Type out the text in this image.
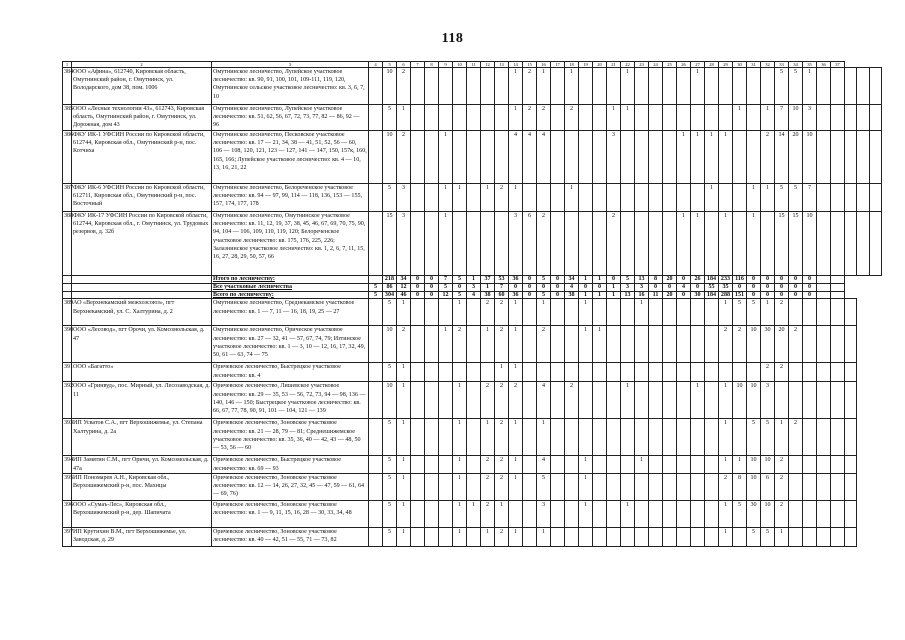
118
1	2	3	4	5	6	7	8	9	10	11	12	13	14	15	16	17	18	19	20	21	22	23	24	25	26	27	28	29	30	31	32	33	34	35	36	37			
384	ООО «Афина», 612740, Кировская область, Омутнинский район, г. Омутнинск, ул. Володарского, дом 38, пом. 1006	Омутнинское лесничество, Лупейское участковое лесничество: кв. 90, 91, 100, 101, 109-111, 119, 120, Омутнинское сельское участковое лесничество: кв. 3, 6, 7, 10		10	2								1	2	1		1				1					1						5	5	1					
385	ООО «Лесные технологии 43», 612743, Кировская область, Омутнинский район, г. Омутнинск, ул. Дорожная, дом 43	Омутнинское лесничество, Лупейское участковое лесничество: кв. 51, 62, 56, 67, 72, 73, 77, 82 — 86, 92 — 96		5	1								1	2	2		2			1	1								1		1	7	10	3					
386	ФКУ ИК-1 УФСИН России по Кировской области, 612744, Кировская обл., Омутнинский р-н, пос. Котчиха	Омутнинское лесничество, Песковское участковое лесничество: кв. 17 — 21, 34, 38 — 41, 51, 52, 56 — 60, 106 — 108, 120, 121, 123 — 127, 141 — 147, 150, 157к, 160, 165, 166; Лупейское участковое лесничество: кв. 4 — 10, 13, 16, 21, 22		10	2			1					4	4	4					3					1	1	1	1			2	14	20	10					
387	ФКУ ИК-6 УФСИН России по Кировской области, 612711, Кировская обл., Омутнинский р-н, пос. Восточный	Омутнинское лесничество, Белореченское участковое лесничество: кв. 94 — 97, 99, 114 — 118, 136, 153 — 155, 157, 174, 177, 178		5	3			1	1		1	2	1				1										1			1	1	5	5	7					
388	ФКУ ИК-17 УФСИН России по Кировской области, 612744, Кировская обл., г. Омутнинск, ул. Трудовых резервов, д. 32б	Омутнинское лесничество, Омутнинское участковое лесничество: кв. 11, 12, 19, 37, 38, 45, 46, 67, 69, 70, 75, 90, 94, 104 — 106, 109, 110, 119, 120; Белореченское участковое лесничество: кв. 175, 176, 225, 226; Залазнинское участковое лесничество: кв. 1, 2, 6, 7, 11, 15, 16, 27, 28, 29, 50, 57, 66		15	3			1					3	6	2					2					1	1		1		1		15	15	10					
		Итого по лесничеству:		218	34	0	0	7	5	1	37	53	36	0	5	0	34	1	1	0	5	13	8	20	0	26	184	233	116	0	0	0	0	0					
		Все участковые лесничества	5	86	12	0	0	5	0	3	1	7	0	0	0	0	4	0	0	1	3	3	0	0	4	0	55	35	0	0	0	0	0	0					
		Всего по лесничеству:	5	304	46	0	0	12	5	4	38	60	36	0	5	0	38	1	1	1	13	16	11	20	0	30	184	288	151	0	0	0	0	0					
389	АО «Верхнекамский межхозсоюз», пгт Верхнекамский, ул. С. Халтурина, д. 2	Омутнинское лесничество, Среднекамское участковое лесничество: кв. 1 — 7, 11 — 16, 18, 19, 25 — 27		5	1				1		2	2	1		1			1				1						1	5	5	1	2							
390	ООО «Лесовод», пгт Орочи, ул. Комсомольская, д. 47	Омутнинское лесничество, Орическое участковое лесничество: кв. 27 — 32, 41 — 57, 67, 74, 79; Изтинское участковое лесничество: кв. 1 — 3, 10 — 12, 16, 17, 32, 49, 50, 61 — 63, 74 — 75		10	2			1	2		1	2	1		2			1	1									2	2	10	30	20	2						
391	ООО «Багатто»	Оричевское лесничество, Быстрецкое участковое лесничество: кв. 4		5	1							1	1																		2	2							
392	ООО «Гринвуд», пос. Мирный, ул. Лесозаводская, д. 11	Оричевское лесничество, Лишевское участковое лесничество: кв. 29 — 35, 53 — 56, 72, 73, 94 — 98, 136 — 140, 146 — 150; Быстрецкое участковое лесничество: кв. 66, 67, 77, 78, 90, 91, 101 — 104, 121 — 139		10	1				1		2	2	2		4		2				1					1		1	10	10	3								
393	ИП Усватов С.А., пгт Верхошижемье, ул. Степана Халтурина, д. 2а	Оричевское лесничество, Зоновское участковое лесничество: кв. 21 — 28, 79 — 81; Среднешижемское участковое лесничество: кв. 35, 36, 40 — 42, 43 — 48, 50 — 53, 56 — 60		5	1				1		1	2	1		1													1		5	5	1	2						
394	ИП Замятин С.М., пгт Оричи, ул. Комсомольская, д. 47а	Оричевское лесничество, Быстрецкое участковое лесничество: кв. 69 — 93		5	1				1		2	2	1		4			1				1						1	1	10	10	2							
395	ИП Пономарев А.Н., Кировская обл., Верхошижемский р-н, пос. Махнцы	Оричевское лесничество, Зоновское участковое лесничество: кв. 12 — 14, 26, 27, 32, 45 — 47, 59 — 61, 64 — 69, 76)		5	1				1		2	2	1		5			1										2	8	10	6	2							
396	ООО «Сумаъ-Лес», Кировская обл., Верхошижемский р-н, дер. Шапичата	Оричевское лесничество, Зоновское участковое лесничество: кв. 1 — 9, 11, 15, 16, 28 — 30, 33, 34, 48		5	1				1	1	2	1			3			1			1							1	5	30	10	2							
397	ИП Крутихин В.М., пгт Верхошижемье, ул. Заводская, д. 29	Оричевское лесничество, Зоновское участковое лесничество: кв. 40 — 42, 51 — 55, 71 — 73, 82		5	1				1		1	2	1		1													1		5	5	1							
